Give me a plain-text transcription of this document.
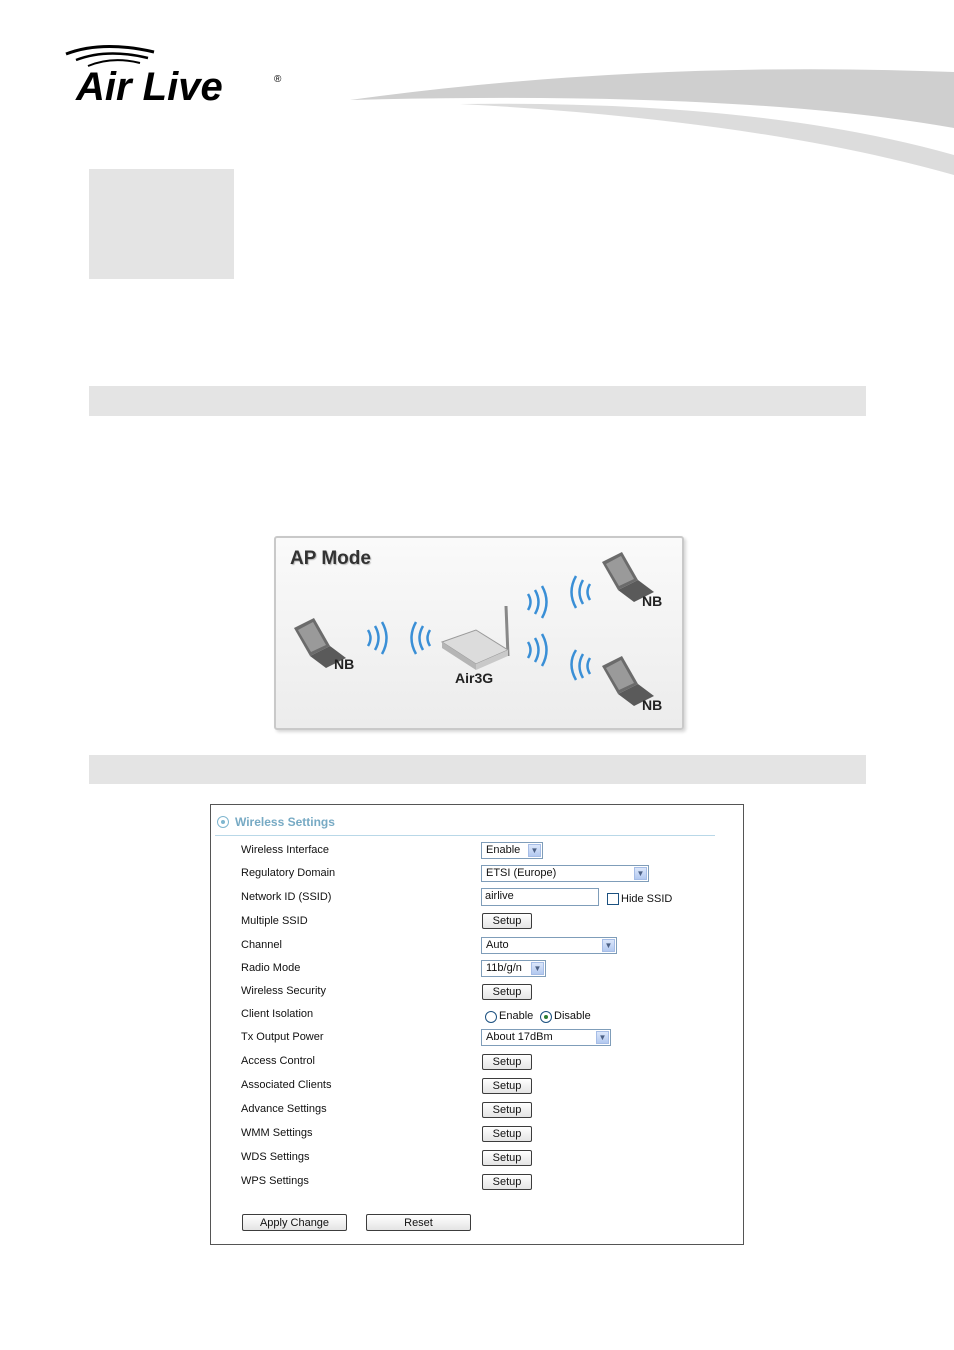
Air Live	®
AP Mode
NB
NB
NB
Air3G
Wireless Settings
Wireless Interface	Enable	▼
Regulatory Domain	ETSI (Europe)	▼
Network ID (SSID)	airlive	Hide SSID
Multiple SSID	Setup
Channel	Auto	▼
Radio Mode	11b/g/n	▼
Wireless Security	Setup
Client Isolation	Enable Disable
Tx Output Power	About 17dBm	▼
Access Control	Setup
Associated Clients	Setup
Advance Settings	Setup
WMM Settings	Setup
WDS Settings	Setup
WPS Settings	Setup
Apply Change	Reset
